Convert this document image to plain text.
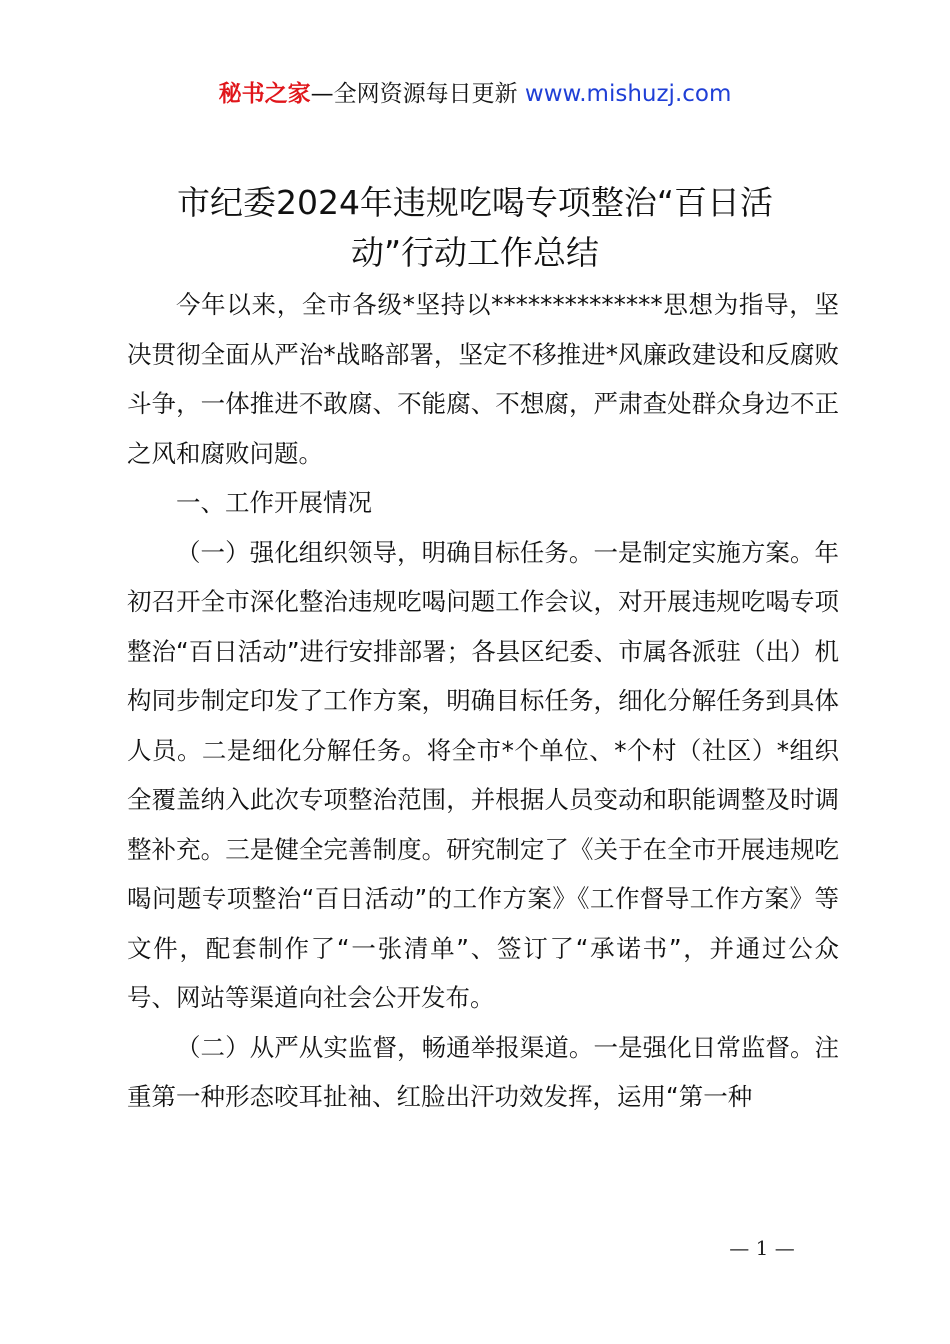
秘书之家—全网资源每日更新 www.mishuzj.com
市纪委2024年违规吃喝专项整治“百日活
动”行动工作总结

今年以来，全市各级*坚持以**************思想为指导，坚决贯彻全面从严治*战略部署，坚定不移推进*风廉政建设和反腐败斗争，一体推进不敢腐、不能腐、不想腐，严肃查处群众身边不正之风和腐败问题。

一、工作开展情况

（一）强化组织领导，明确目标任务。一是制定实施方案。年初召开全市深化整治违规吃喝问题工作会议，对开展违规吃喝专项整治“百日活动”进行安排部署；各县区纪委、市属各派驻（出）机构同步制定印发了工作方案，明确目标任务，细化分解任务到具体人员。二是细化分解任务。将全市*个单位、*个村（社区）*组织全覆盖纳入此次专项整治范围，并根据人员变动和职能调整及时调整补充。三是健全完善制度。研究制定了《关于在全市开展违规吃喝问题专项整治“百日活动”的工作方案》《工作督导工作方案》等文件，配套制作了“一张清单”、签订了“承诺书”，并通过公众号、网站等渠道向社会公开发布。

（二）从严从实监督，畅通举报渠道。一是强化日常监督。注重第一种形态咬耳扯袖、红脸出汗功效发挥，运用“第一种

— 1 —
